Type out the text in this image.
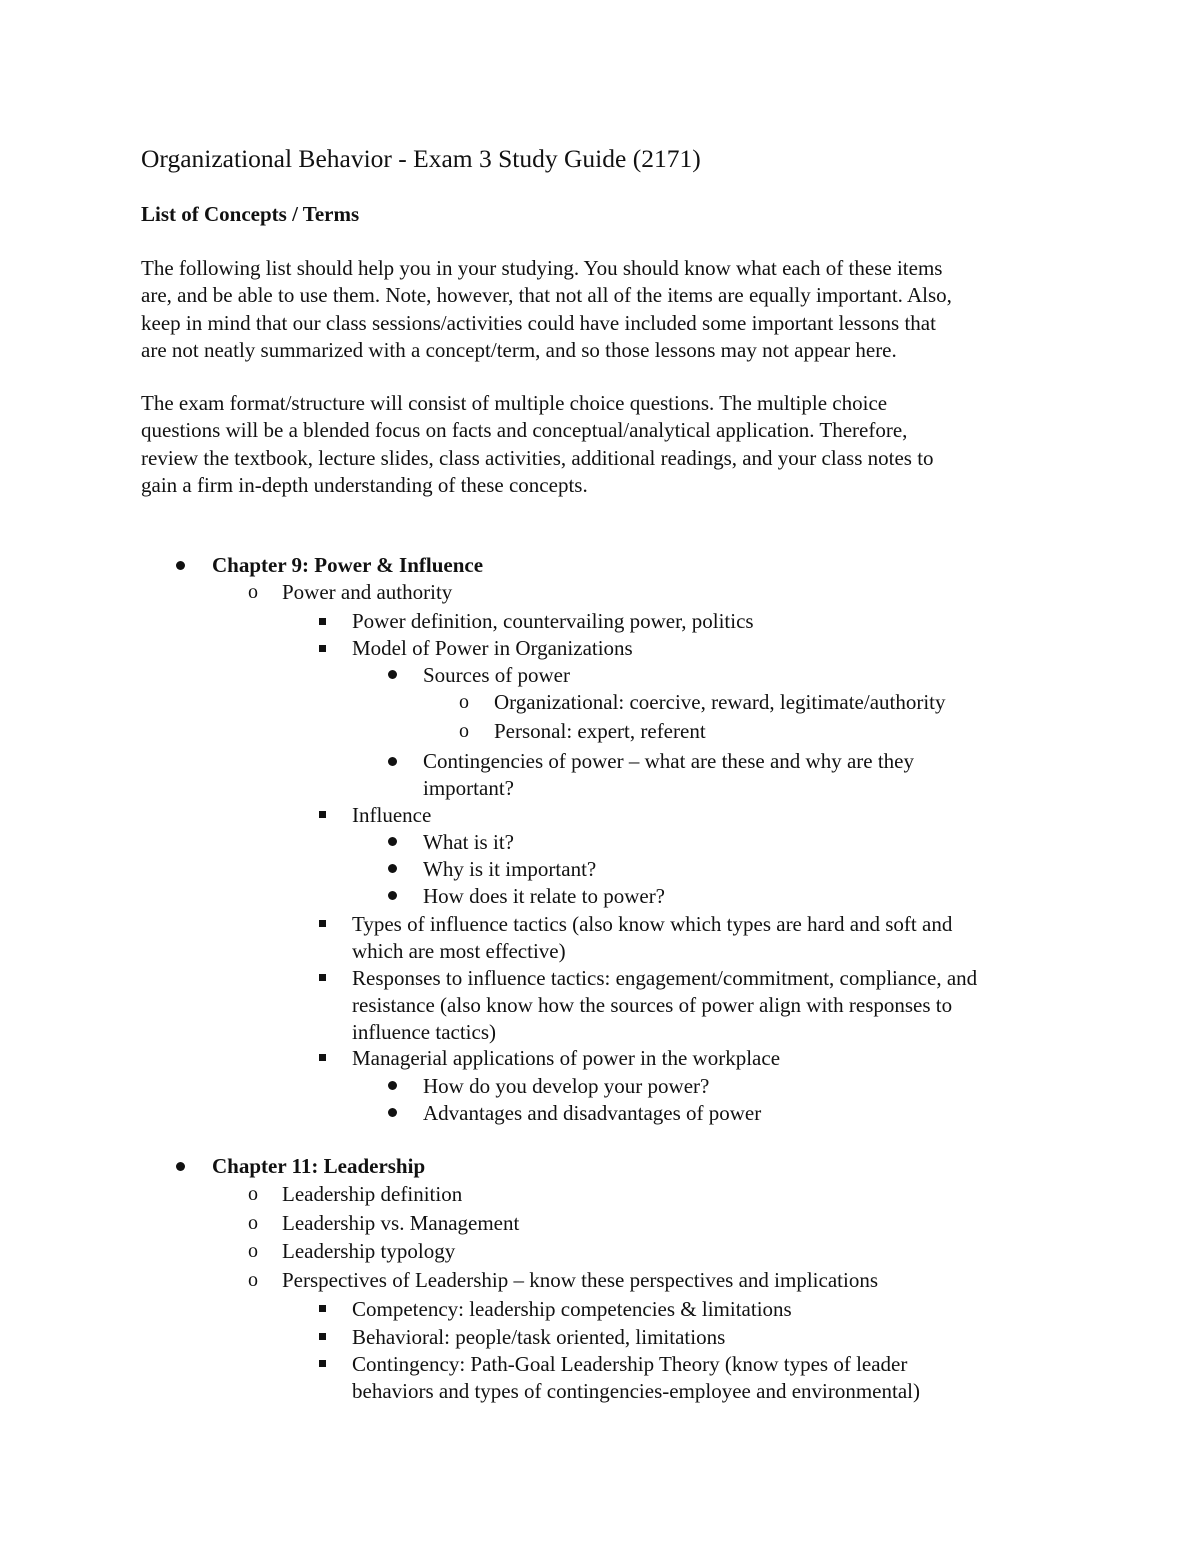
Organizational Behavior - Exam 3 Study Guide (2171)
List of Concepts / Terms

The following list should help you in your studying. You should know what each of these items
are, and be able to use them. Note, however, that not all of the items are equally important. Also,
keep in mind that our class sessions/activities could have included some important lessons that
are not neatly summarized with a concept/term, and so those lessons may not appear here.

The exam format/structure will consist of multiple choice questions. The multiple choice
questions will be a blended focus on facts and conceptual/analytical application. Therefore,
review the textbook, lecture slides, class activities, additional readings, and your class notes to
gain a firm in-depth understanding of these concepts.

Chapter 9: Power & Influence
o Power and authority
Power definition, countervailing power, politics
Model of Power in Organizations
Sources of power
o Organizational: coercive, reward, legitimate/authority
o Personal: expert, referent
Contingencies of power – what are these and why are they
important?
Influence
What is it?
Why is it important?
How does it relate to power?
Types of influence tactics (also know which types are hard and soft and
which are most effective)
Responses to influence tactics: engagement/commitment, compliance, and
resistance (also know how the sources of power align with responses to
influence tactics)
Managerial applications of power in the workplace
How do you develop your power?
Advantages and disadvantages of power
Chapter 11: Leadership
o Leadership definition
o Leadership vs. Management
o Leadership typology
o Perspectives of Leadership – know these perspectives and implications
Competency: leadership competencies & limitations
Behavioral: people/task oriented, limitations
Contingency: Path-Goal Leadership Theory (know types of leader
behaviors and types of contingencies-employee and environmental)
